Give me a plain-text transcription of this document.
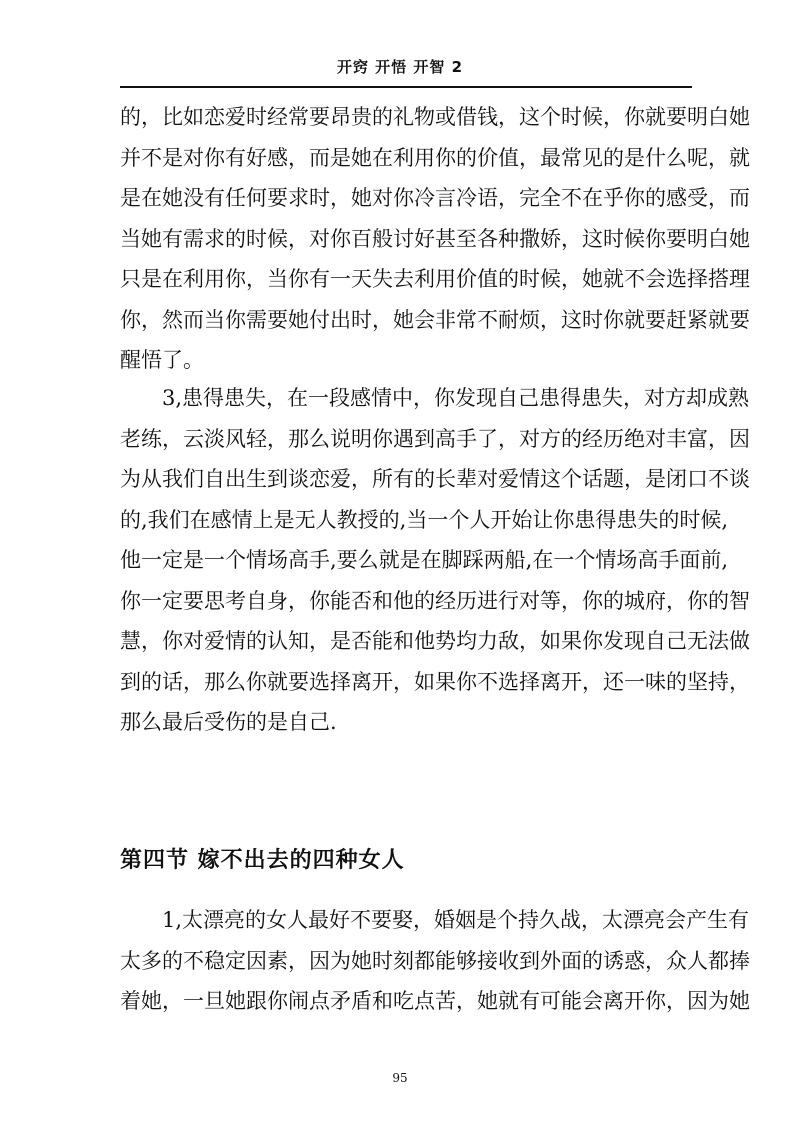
开窍 开悟 开智 2
的，比如恋爱时经常要昂贵的礼物或借钱，这个时候，你就要明白她
并不是对你有好感，而是她在利用你的价值，最常见的是什么呢，就
是在她没有任何要求时，她对你冷言冷语，完全不在乎你的感受，而
当她有需求的时候，对你百般讨好甚至各种撒娇，这时候你要明白她
只是在利用你，当你有一天失去利用价值的时候，她就不会选择搭理
你，然而当你需要她付出时，她会非常不耐烦，这时你就要赶紧就要
醒悟了。
3,患得患失，在一段感情中，你发现自己患得患失，对方却成熟
老练，云淡风轻，那么说明你遇到高手了，对方的经历绝对丰富，因
为从我们自出生到谈恋爱，所有的长辈对爱情这个话题，是闭口不谈
的,我们在感情上是无人教授的,当一个人开始让你患得患失的时候,
他一定是一个情场高手,要么就是在脚踩两船,在一个情场高手面前,
你一定要思考自身，你能否和他的经历进行对等，你的城府，你的智
慧，你对爱情的认知，是否能和他势均力敌，如果你发现自己无法做
到的话，那么你就要选择离开，如果你不选择离开，还一味的坚持，
那么最后受伤的是自己.
第四节 嫁不出去的四种女人
1,太漂亮的女人最好不要娶，婚姻是个持久战，太漂亮会产生有
太多的不稳定因素，因为她时刻都能够接收到外面的诱惑，众人都捧
着她，一旦她跟你闹点矛盾和吃点苦，她就有可能会离开你，因为她
95
